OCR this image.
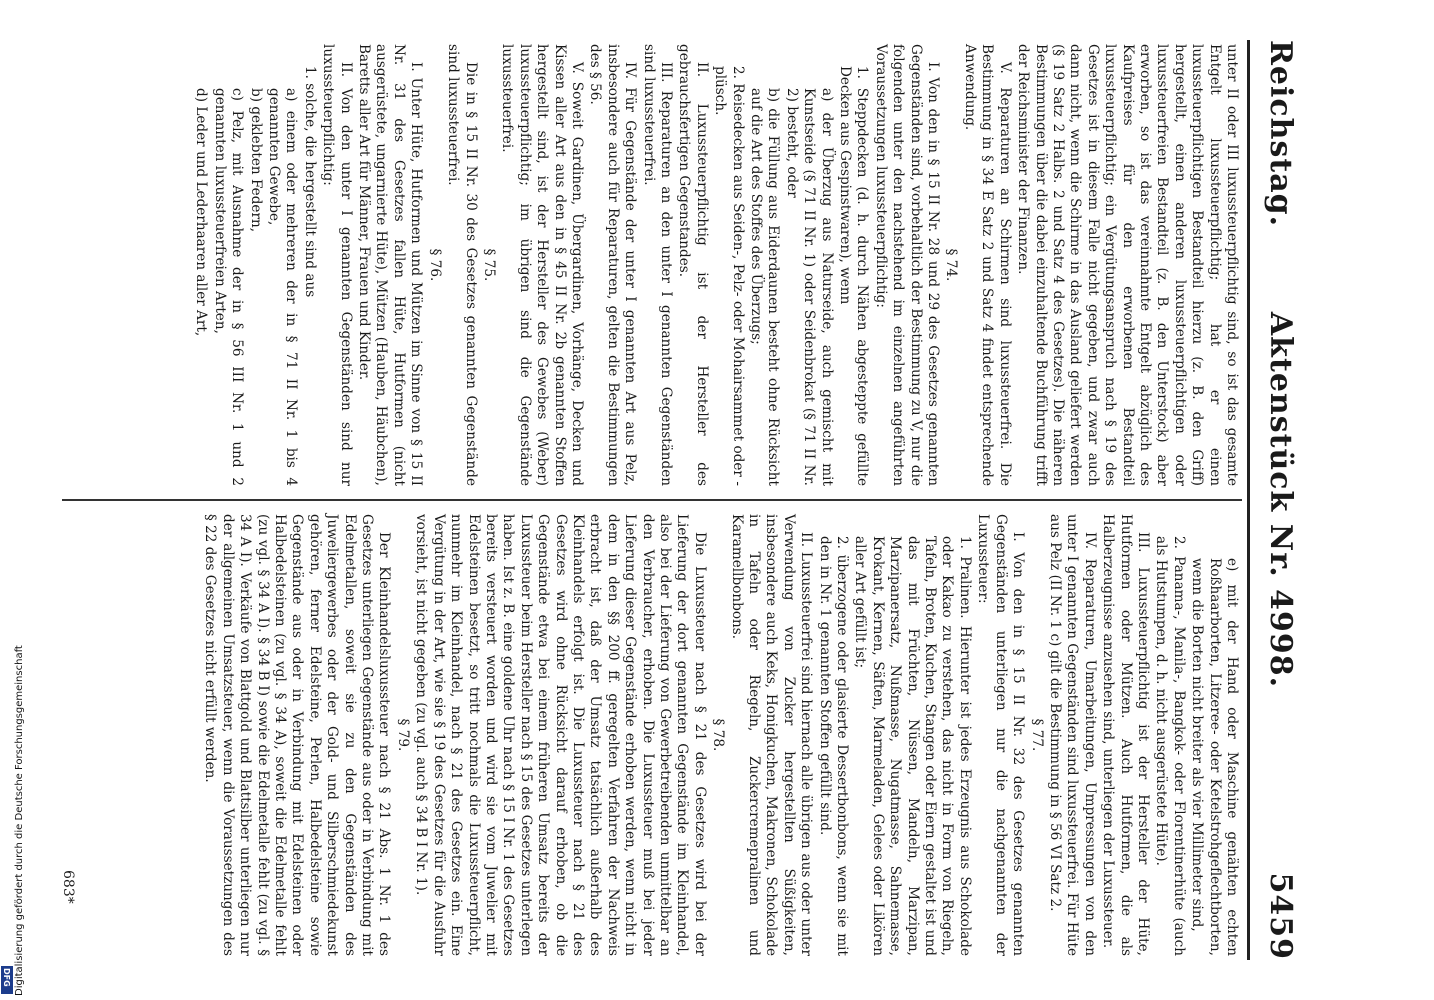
Reichstag.
Aktenstück Nr. 4998.
5459

unter II oder III luxussteuerpflichtig sind, so ist das gesamte Entgelt luxussteuerpflichtig; hat er einen luxussteuerpflichtigen Bestandteil hierzu (z. B. den Griff) hergestellt, einen anderen luxussteuerpflichtigen oder luxussteuerfreien Bestandteil (z. B. den Unterstock) aber erworben, so ist das vereinnahmte Entgelt abzüglich des Kaufpreises für den erworbenen Bestandteil luxussteuerpflichtig; ein Vergütungsanspruch nach § 19 des Gesetzes ist in diesem Falle nicht gegeben, und zwar auch dann nicht, wenn die Schirme in das Ausland geliefert werden (§ 19 Satz 2 Halbs. 2 und Satz 4 des Gesetzes). Die näheren Bestimmungen über die dabei einzuhaltende Buchführung trifft der Reichsminister der Finanzen.

V. Reparaturen an Schirmen sind luxussteuerfrei. Die Bestimmung in § 34 E Satz 2 und Satz 4 findet entsprechende Anwendung.

§ 74.

I. Von den in § 15 II Nr. 28 und 29 des Gesetzes genannten Gegenständen sind, vorbehaltlich der Bestimmung zu V, nur die folgenden unter den nachstehend im einzelnen angeführten Voraussetzungen luxussteuerpflichtig:

1. Steppdecken (d. h. durch Nähen abgesteppte gefüllte Decken aus Gespinstwaren), wenn

a) der Überzug aus Naturseide, auch gemischt mit Kunstseide (§ 71 II Nr. 1) oder Seidenbrokat (§ 71 II Nr. 2) besteht, oder

b) die Füllung aus Eiderdaunen besteht ohne Rücksicht auf die Art des Stoffes des Überzugs;

2. Reisedecken aus Seiden-, Pelz- oder Mohairsammet oder -plüsch.

II. Luxussteuerpflichtig ist der Hersteller des gebrauchsfertigen Gegenstandes.

III. Reparaturen an den unter I genannten Gegenständen sind luxussteuerfrei.

IV. Für Gegenstände der unter I genannten Art aus Pelz, insbesondere auch für Reparaturen, gelten die Bestimmungen des § 56.

V. Soweit Gardinen, Übergardinen, Vorhänge, Decken und Kissen aller Art aus den in § 45 II Nr. 2b genannten Stoffen hergestellt sind, ist der Hersteller des Gewebes (Weber) luxussteuerpflichtig; im übrigen sind die Gegenstände luxussteuerfrei.

§ 75.

Die in § 15 II Nr. 30 des Gesetzes genannten Gegenstände sind luxussteuerfrei.

§ 76.

I. Unter Hüte, Hutformen und Mützen im Sinne von § 15 II Nr. 31 des Gesetzes fallen Hüte, Hutformen (nicht ausgerüstete, ungarnierte Hüte), Mützen (Hauben, Häubchen), Baretts aller Art für Männer, Frauen und Kinder.

II. Von den unter I genannten Gegenständen sind nur luxussteuerpflichtig:

1. solche, die hergestellt sind aus

a) einem oder mehreren der in § 71 II Nr. 1 bis 4 genannten Gewebe,

b) geklebten Federn,

c) Pelz, mit Ausnahme der in § 56 III Nr. 1 und 2 genannten luxussteuerfreien Arten,

d) Leder und Lederhaaren aller Art,

e) mit der Hand oder Maschine genähten echten Roßhaarborten, Litzeree- oder Ketelstrohgeflechtborten, wenn die Borten nicht breiter als vier Millimeter sind,

2. Panama-, Manila-, Bangkok- oder Florentinerhüte (auch als Hutstumpen, d. h. nicht ausgerüstete Hüte).

III. Luxussteuerpflichtig ist der Hersteller der Hüte, Hutformen oder Mützen. Auch Hutformen, die als Halberzeugnisse anzusehen sind, unterliegen der Luxussteuer.

IV. Reparaturen, Umarbeitungen, Umpressungen von den unter I genannten Gegenständen sind luxussteuerfrei. Für Hüte aus Pelz (II Nr. 1 c) gilt die Bestimmung in § 56 VI Satz 2.

§ 77.

I. Von den in § 15 II Nr. 32 des Gesetzes genannten Gegenständen unterliegen nur die nachgenannten der Luxussteuer:

1. Pralinen. Hierunter ist jedes Erzeugnis aus Schokolade oder Kakao zu verstehen, das nicht in Form von Riegeln, Tafeln, Broten, Kuchen, Stangen oder Eiern gestaltet ist und das mit Früchten, Nüssen, Mandeln, Marzipan, Marzipanersatz, Nußmasse, Nugatmasse, Sahnemasse, Krokant, Kernen, Säften, Marmeladen, Gelees oder Likören aller Art gefüllt ist;

2. überzogene oder glasierte Dessertbonbons, wenn sie mit den in Nr. 1 genannten Stoffen gefüllt sind.

II. Luxussteuerfrei sind hiernach alle übrigen aus oder unter Verwendung von Zucker hergestellten Süßigkeiten, insbesondere auch Keks, Honigkuchen, Makronen, Schokolade in Tafeln oder Riegeln, Zuckercremepralinen und Karamellbonbons.

§ 78.

Die Luxussteuer nach § 21 des Gesetzes wird bei der Lieferung der dort genannten Gegenstände im Kleinhandel, also bei der Lieferung von Gewerbetreibenden unmittelbar an den Verbraucher, erhoben. Die Luxussteuer muß bei jeder Lieferung dieser Gegenstände erhoben werden, wenn nicht in dem in den §§ 200 ff. geregelten Verfahren der Nachweis erbracht ist, daß der Umsatz tatsächlich außerhalb des Kleinhandels erfolgt ist. Die Luxussteuer nach § 21 des Gesetzes wird ohne Rücksicht darauf erhoben, ob die Gegenstände etwa bei einem früheren Umsatz bereits der Luxussteuer beim Hersteller nach § 15 des Gesetzes unterlegen haben. Ist z. B. eine goldene Uhr nach § 15 I Nr. 1 des Gesetzes bereits versteuert worden und wird sie vom Juwelier mit Edelsteinen besetzt, so tritt nochmals die Luxussteuerpflicht, nunmehr im Kleinhandel, nach § 21 des Gesetzes ein. Eine Vergütung in der Art, wie sie § 19 des Gesetzes für die Ausfuhr vorsieht, ist nicht gegeben (zu vgl. auch § 34 B I Nr. 1).

§ 79.

Der Kleinhandelsluxussteuer nach § 21 Abs. 1 Nr. 1 des Gesetzes unterliegen Gegenstände aus oder in Verbindung mit Edelmetallen, soweit sie zu den Gegenständen des Juweliergewerbes oder der Gold- und Silberschmiedekunst gehören, ferner Edelsteine, Perlen, Halbedelsteine sowie Gegenstände aus oder in Verbindung mit Edelsteinen oder Halbedelsteinen (zu vgl. § 34 A), soweit die Edelmetalle fehlt (zu vgl. § 34 A I). § 34 B I) sowie die Edelmetalle fehlt (zu vgl. § 34 A I). Verkäufe von Blattgold und Blattsilber unterliegen nur der allgemeinen Umsatzsteuer, wenn die Voraussetzungen des § 22 des Gesetzes nicht erfüllt werden.

683*
Digitalisierung gefördert durch die Deutsche Forschungsgemeinschaft
DFG
